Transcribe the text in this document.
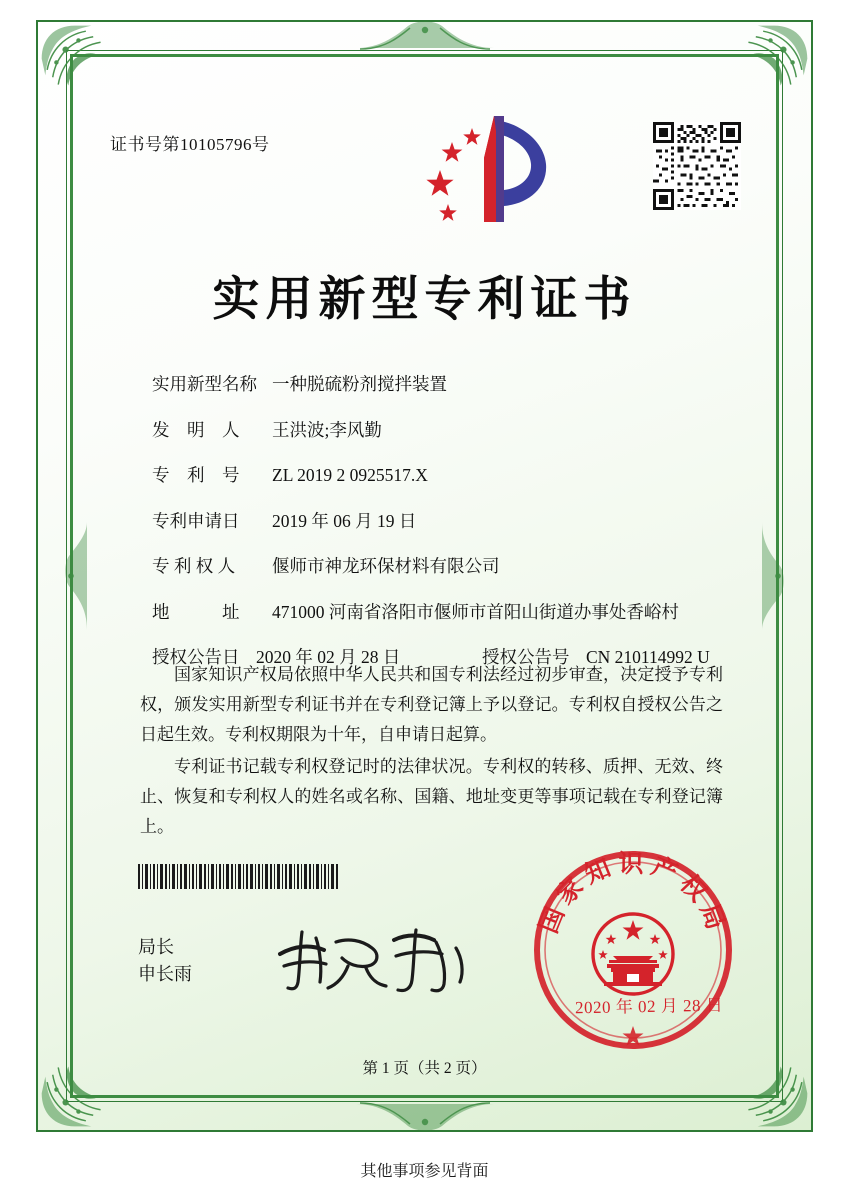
证书号第10105796号
实用新型专利证书
实用新型名称 一种脱硫粉剂搅拌装置
发　明　人	王洪波;李风勤
专　利　号	ZL 2019 2 0925517.X
专利申请日	2019 年 06 月 19 日
专 利 权 人	偃师市神龙环保材料有限公司
地　　　址	471000 河南省洛阳市偃师市首阳山街道办事处香峪村
授权公告日 2020 年 02 月 28 日	授权公告号 CN 210114992 U

国家知识产权局依照中华人民共和国专利法经过初步审查，决定授予专利权，颁发实用新型专利证书并在专利登记簿上予以登记。专利权自授权公告之日起生效。专利权期限为十年，自申请日起算。

专利证书记载专利权登记时的法律状况。专利权的转移、质押、无效、终止、恢复和专利权人的姓名或名称、国籍、地址变更等事项记载在专利登记簿上。

局长
申长雨
国家知识产权局
2020 年 02 月 28 日
第 1 页（共 2 页）
其他事项参见背面
